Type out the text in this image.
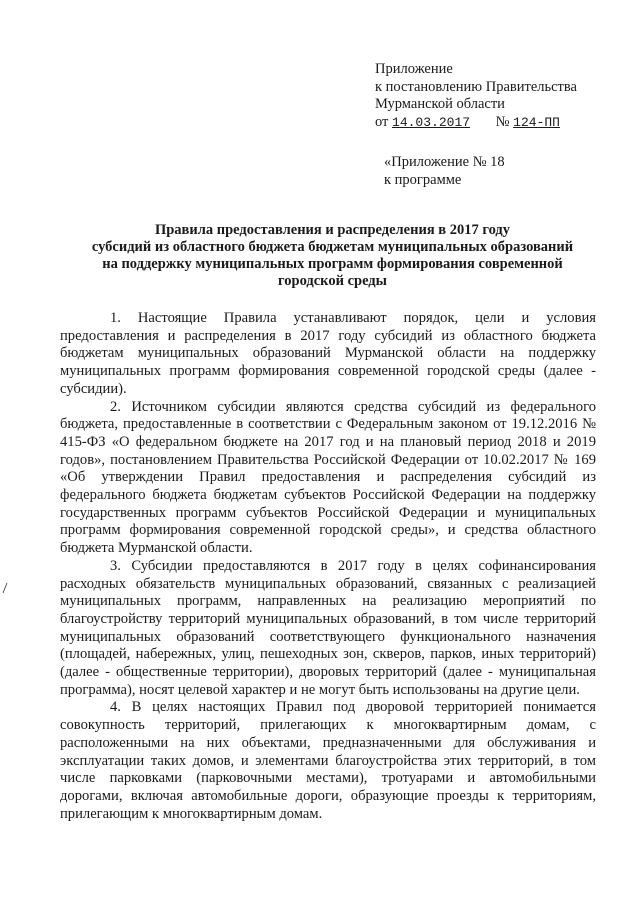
Приложение
к постановлению Правительства
Мурманской области
от 14.03.2017 № 124-ПП
«Приложение № 18
к программе
Правила предоставления и распределения в 2017 году
субсидий из областного бюджета бюджетам муниципальных образований
на поддержку муниципальных программ формирования современной
городской среды

1. Настоящие Правила устанавливают порядок, цели и условия предоставления и распределения в 2017 году субсидий из областного бюджета бюджетам муниципальных образований Мурманской области на поддержку муниципальных программ формирования современной городской среды (далее - субсидии).

2. Источником субсидии являются средства субсидий из федерального бюджета, предоставленные в соответствии с Федеральным законом от 19.12.2016 № 415-ФЗ «О федеральном бюджете на 2017 год и на плановый период 2018 и 2019 годов», постановлением Правительства Российской Федерации от 10.02.2017 № 169 «Об утверждении Правил предоставления и распределения субсидий из федерального бюджета бюджетам субъектов Российской Федерации на поддержку государственных программ субъектов Российской Федерации и муниципальных программ формирования современной городской среды», и средства областного бюджета Мурманской области.

3. Субсидии предоставляются в 2017 году в целях софинансирования расходных обязательств муниципальных образований, связанных с реализацией муниципальных программ, направленных на реализацию мероприятий по благоустройству территорий муниципальных образований, в том числе территорий муниципальных образований соответствующего функционального назначения (площадей, набережных, улиц, пешеходных зон, скверов, парков, иных территорий) (далее - общественные территории), дворовых территорий (далее - муниципальная программа), носят целевой характер и не могут быть использованы на другие цели.

4. В целях настоящих Правил под дворовой территорией понимается совокупность территорий, прилегающих к многоквартирным домам, с расположенными на них объектами, предназначенными для обслуживания и эксплуатации таких домов, и элементами благоустройства этих территорий, в том числе парковками (парковочными местами), тротуарами и автомобильными дорогами, включая автомобильные дороги, образующие проезды к территориям, прилегающим к многоквартирным домам.
